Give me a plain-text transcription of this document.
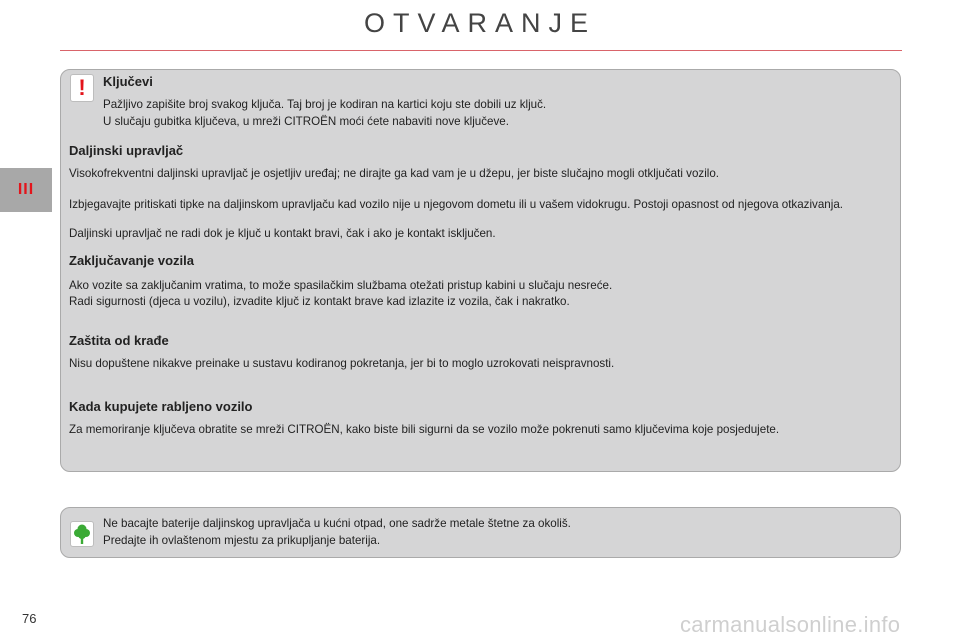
OTVARANJE
III
!	Ključevi
Pažljivo zapišite broj svakog ključa. Taj broj je kodiran na kartici koju ste dobili uz ključ.
U slučaju gubitka ključeva, u mreži CITROËN moći ćete nabaviti nove ključeve.
Daljinski upravljač
Visokofrekventni daljinski upravljač je osjetljiv uređaj; ne dirajte ga kad vam je u džepu, jer biste slučajno mogli otključati vozilo.
Izbjegavajte pritiskati tipke na daljinskom upravljaču kad vozilo nije u njegovom dometu ili u vašem vidokrugu. Postoji opasnost od njegova otkazivanja.
Daljinski upravljač ne radi dok je ključ u kontakt bravi, čak i ako je kontakt isključen.
Zaključavanje vozila
Ako vozite sa zaključanim vratima, to može spasilačkim službama otežati pristup kabini u slučaju nesreće.
Radi sigurnosti (djeca u vozilu), izvadite ključ iz kontakt brave kad izlazite iz vozila, čak i nakratko.
Zaštita od krađe
Nisu dopuštene nikakve preinake u sustavu kodiranog pokretanja, jer bi to moglo uzrokovati neispravnosti.
Kada kupujete rabljeno vozilo
Za memoriranje ključeva obratite se mreži CITROËN, kako biste bili sigurni da se vozilo može pokrenuti samo ključevima koje posjedujete.
Ne bacajte baterije daljinskog upravljača u kućni otpad, one sadrže metale štetne za okoliš.
Predajte ih ovlaštenom mjestu za prikupljanje baterija.
76	carmanualsonline.info
